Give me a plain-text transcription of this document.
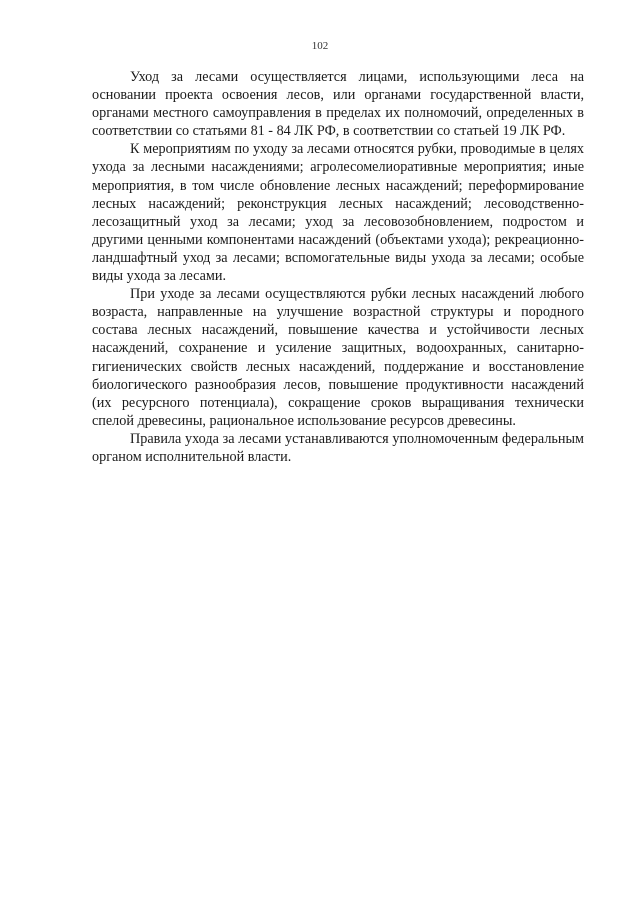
102

Уход за лесами осуществляется лицами, использующими леса на основании проекта освоения лесов, или органами государственной власти, органами местного самоуправления в пределах их полномочий, определенных в соответствии со статьями 81 - 84 ЛК РФ, в соответствии со статьей 19 ЛК РФ.

К мероприятиям по уходу за лесами относятся рубки, проводимые в целях ухода за лесными насаждениями; агролесомелиоративные мероприятия; иные мероприятия, в том числе обновление лесных насаждений; переформирование лесных насаждений; реконструкция лесных насаждений; лесоводственно-лесозащитный уход за лесами; уход за лесовозобновлением, подростом и другими ценными компонентами насаждений (объектами ухода); рекреационно-ландшафтный уход за лесами; вспомогательные виды ухода за лесами; особые виды ухода за лесами.

При уходе за лесами осуществляются рубки лесных насаждений любого возраста, направленные на улучшение возрастной структуры и породного состава лесных насаждений, повышение качества и устойчивости лесных насаждений, сохранение и усиление защитных, водоохранных, санитарно-гигиенических свойств лесных насаждений, поддержание и восстановление биологического разнообразия лесов, повышение продуктивности насаждений (их ресурсного потенциала), сокращение сроков выращивания технически спелой древесины, рациональное использование ресурсов древесины.

Правила ухода за лесами устанавливаются уполномоченным федеральным органом исполнительной власти.
